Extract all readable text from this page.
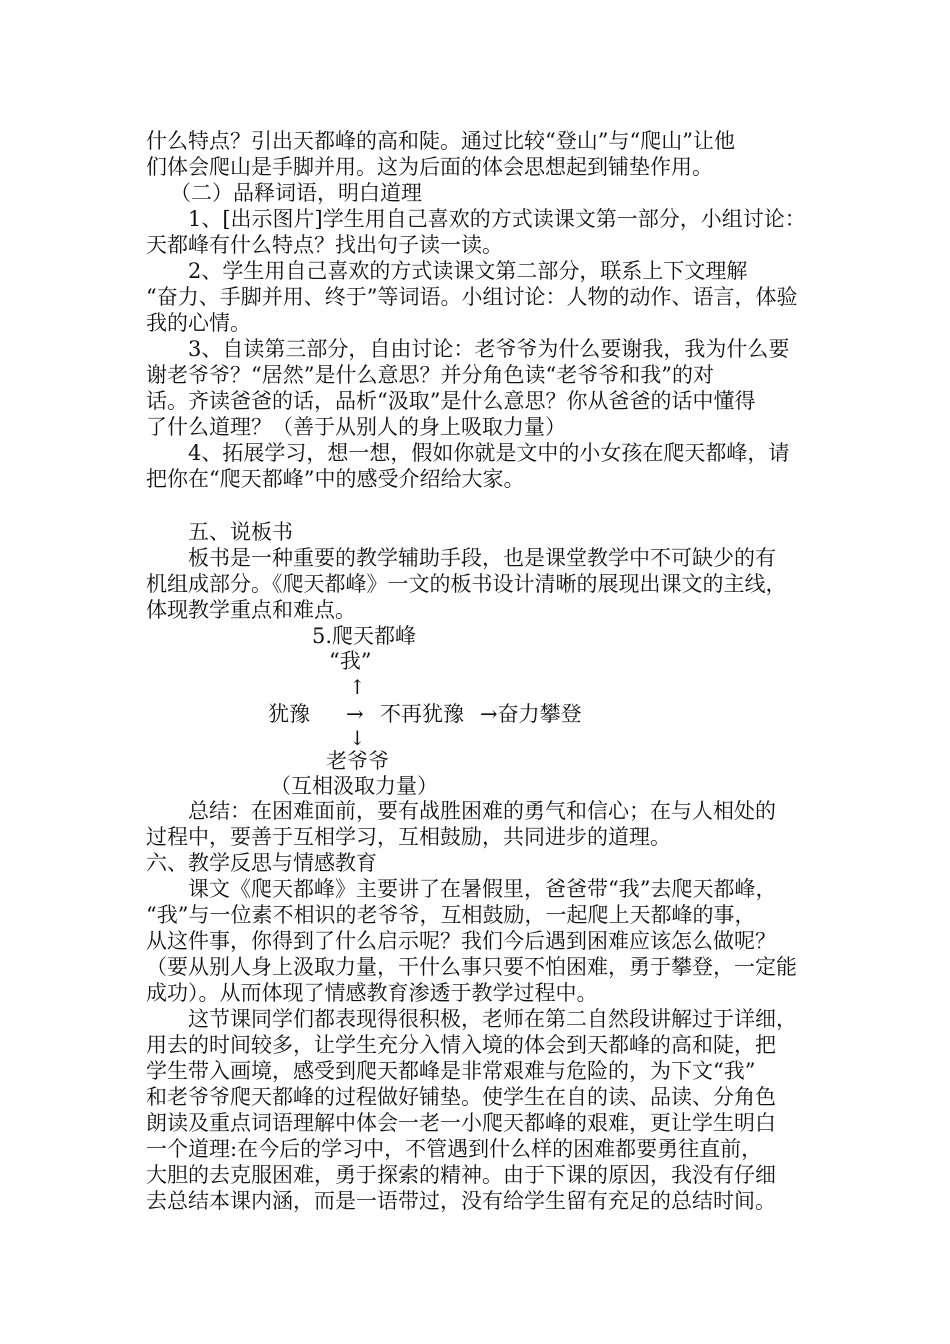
什么特点？引出天都峰的高和陡。通过比较“登山”与“爬山”让他
们体会爬山是手脚并用。这为后面的体会思想起到铺垫作用。
（二）品释词语，明白道理
1、[出示图片]学生用自己喜欢的方式读课文第一部分，小组讨论：
天都峰有什么特点？找出句子读一读。
2、学生用自己喜欢的方式读课文第二部分，联系上下文理解
“奋力、手脚并用、终于”等词语。小组讨论：人物的动作、语言，体验
我的心情。
3、自读第三部分，自由讨论：老爷爷为什么要谢我，我为什么要
谢老爷爷？“居然”是什么意思？并分角色读“老爷爷和我”的对
话。齐读爸爸的话，品析“汲取”是什么意思？你从爸爸的话中懂得
了什么道理？（善于从别人的身上吸取力量）
4、拓展学习，想一想，假如你就是文中的小女孩在爬天都峰，请
把你在“爬天都峰”中的感受介绍给大家。
五、说板书
板书是一种重要的教学辅助手段，也是课堂教学中不可缺少的有
机组成部分。《爬天都峰》一文的板书设计清晰的展现出课文的主线，
体现教学重点和难点。
5.爬天都峰
“我”
↑
犹豫 → 不再犹豫 →奋力攀登
↓
老爷爷
（互相汲取力量）
总结：在困难面前，要有战胜困难的勇气和信心；在与人相处的
过程中，要善于互相学习，互相鼓励，共同进步的道理。
六、教学反思与情感教育
课文《爬天都峰》主要讲了在暑假里，爸爸带“我”去爬天都峰，
“我”与一位素不相识的老爷爷，互相鼓励，一起爬上天都峰的事，
从这件事，你得到了什么启示呢？我们今后遇到困难应该怎么做呢？
（要从别人身上汲取力量，干什么事只要不怕困难，勇于攀登，一定能
成功）。从而体现了情感教育渗透于教学过程中。
这节课同学们都表现得很积极，老师在第二自然段讲解过于详细，
用去的时间较多，让学生充分入情入境的体会到天都峰的高和陡，把
学生带入画境，感受到爬天都峰是非常艰难与危险的，为下文“我”
和老爷爷爬天都峰的过程做好铺垫。使学生在自的读、品读、分角色
朗读及重点词语理解中体会一老一小爬天都峰的艰难，更让学生明白
一个道理:在今后的学习中，不管遇到什么样的困难都要勇往直前，
大胆的去克服困难，勇于探索的精神。由于下课的原因，我没有仔细
去总结本课内涵，而是一语带过，没有给学生留有充足的总结时间。
